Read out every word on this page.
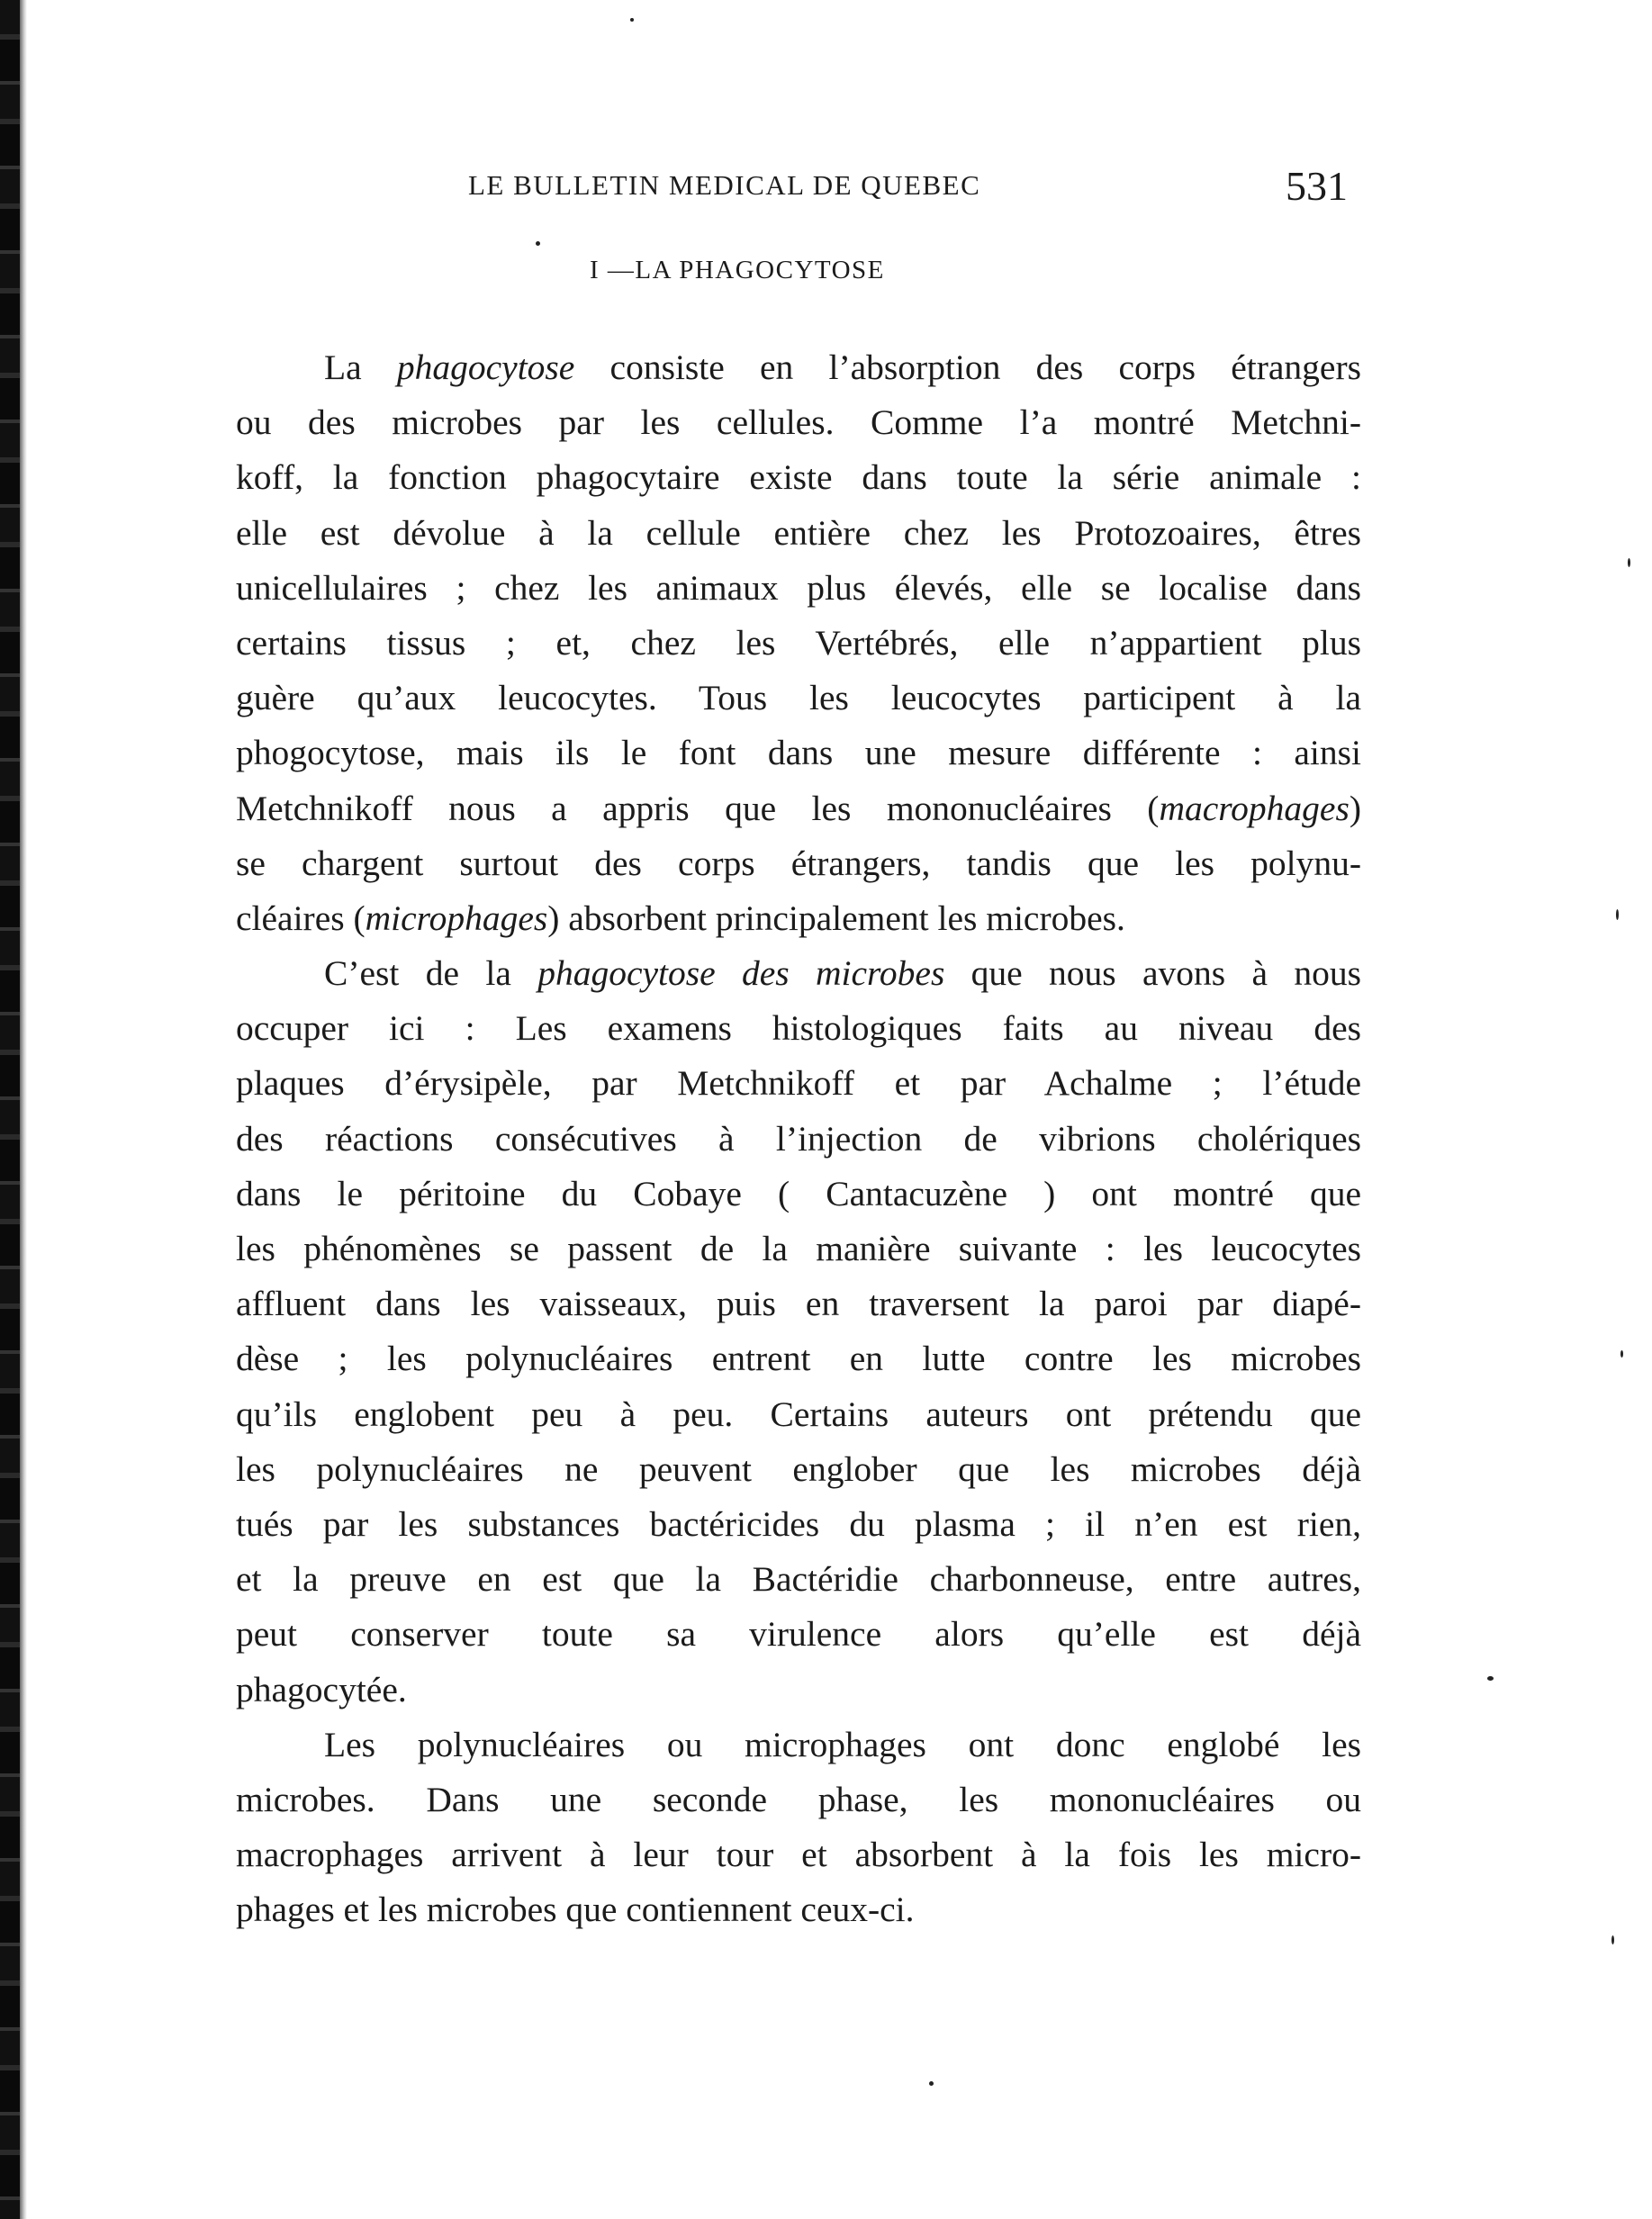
LE BULLETIN MEDICAL DE QUEBEC	531
I —LA PHAGOCYTOSE
La phagocytose consiste en l’absorption des corps étrangers
ou des microbes par les cellules. Comme l’a montré Metchni-
koff, la fonction phagocytaire existe dans toute la série animale :
elle est dévolue à la cellule entière chez les Protozoaires, êtres
unicellulaires ; chez les animaux plus élevés, elle se localise dans
certains tissus ; et, chez les Vertébrés, elle n’appartient plus
guère qu’aux leucocytes. Tous les leucocytes participent à la
phogocytose, mais ils le font dans une mesure différente : ainsi
Metchnikoff nous a appris que les mononucléaires (macrophages)
se chargent surtout des corps étrangers, tandis que les polynu-
cléaires (microphages) absorbent principalement les microbes.
C’est de la phagocytose des microbes que nous avons à nous
occuper ici : Les examens histologiques faits au niveau des
plaques d’érysipèle, par Metchnikoff et par Achalme ; l’étude
des réactions consécutives à l’injection de vibrions cholériques
dans le péritoine du Cobaye ( Cantacuzène ) ont montré que
les phénomènes se passent de la manière suivante : les leucocytes
affluent dans les vaisseaux, puis en traversent la paroi par diapé-
dèse ; les polynucléaires entrent en lutte contre les microbes
qu’ils englobent peu à peu. Certains auteurs ont prétendu que
les polynucléaires ne peuvent englober que les microbes déjà
tués par les substances bactéricides du plasma ; il n’en est rien,
et la preuve en est que la Bactéridie charbonneuse, entre autres,
peut conserver toute sa virulence alors qu’elle est déjà
phagocytée.
Les polynucléaires ou microphages ont donc englobé les
microbes. Dans une seconde phase, les mononucléaires ou
macrophages arrivent à leur tour et absorbent à la fois les micro-
phages et les microbes que contiennent ceux-ci.
